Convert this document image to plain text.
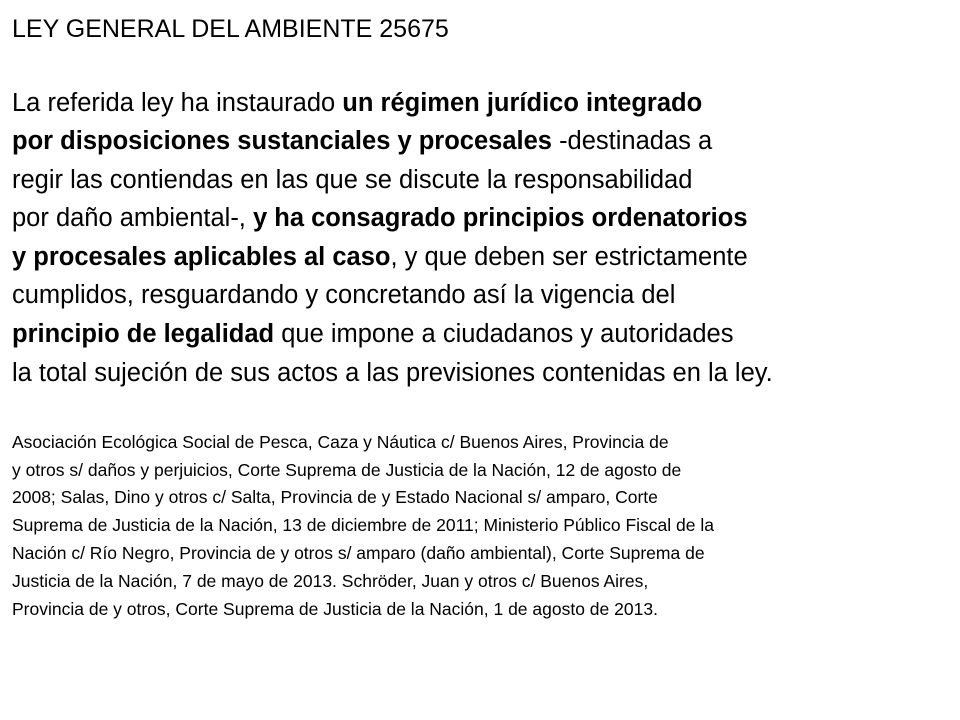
LEY GENERAL DEL AMBIENTE 25675

La referida ley ha instaurado un régimen jurídico integrado

por disposiciones sustanciales y procesales -destinadas a

regir las contiendas en las que se discute la responsabilidad

por daño ambiental-, y ha consagrado principios ordenatorios

y procesales aplicables al caso, y que deben ser estrictamente

cumplidos, resguardando y concretando así la vigencia del

principio de legalidad que impone a ciudadanos y autoridades

la total sujeción de sus actos a las previsiones contenidas en la ley.

Asociación Ecológica Social de Pesca, Caza y Náutica c/ Buenos Aires, Provincia de

y otros s/ daños y perjuicios, Corte Suprema de Justicia de la Nación, 12 de agosto de

2008; Salas, Dino y otros c/ Salta, Provincia de y Estado Nacional s/ amparo, Corte

Suprema de Justicia de la Nación, 13 de diciembre de 2011; Ministerio Público Fiscal de la

Nación c/ Río Negro, Provincia de y otros s/ amparo (daño ambiental), Corte Suprema de

Justicia de la Nación, 7 de mayo de 2013. Schröder, Juan y otros c/ Buenos Aires,

Provincia de y otros, Corte Suprema de Justicia de la Nación, 1 de agosto de 2013.
